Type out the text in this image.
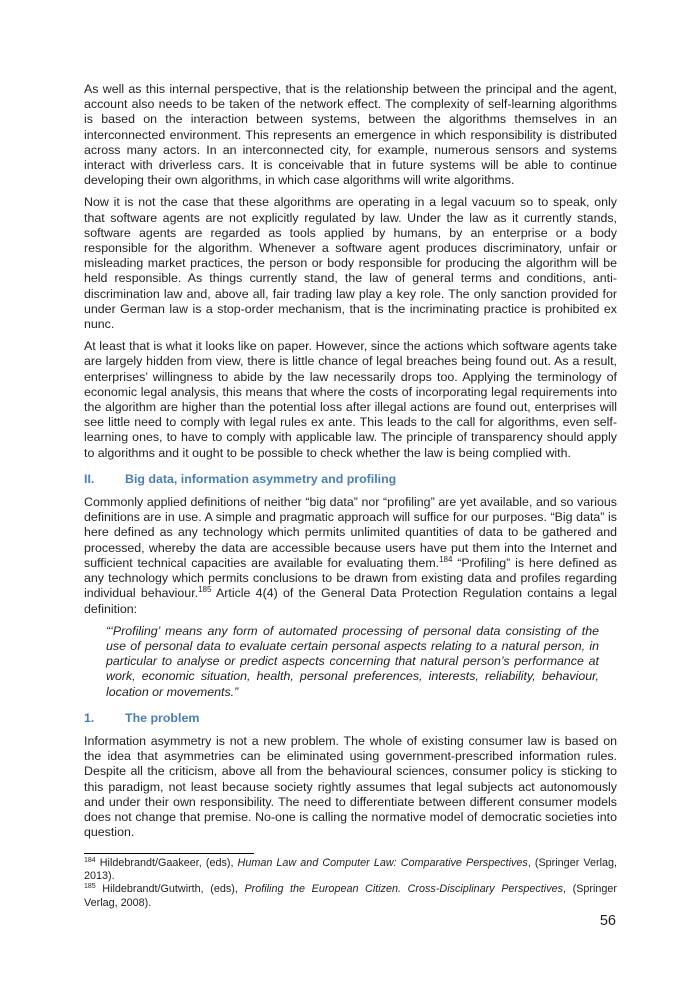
As well as this internal perspective, that is the relationship between the principal and the agent, account also needs to be taken of the network effect. The complexity of self-learning algorithms is based on the interaction between systems, between the algorithms themselves in an interconnected environment. This represents an emergence in which responsibility is distributed across many actors. In an interconnected city, for example, numerous sensors and systems interact with driverless cars. It is conceivable that in future systems will be able to continue developing their own algorithms, in which case algorithms will write algorithms.

Now it is not the case that these algorithms are operating in a legal vacuum so to speak, only that software agents are not explicitly regulated by law. Under the law as it currently stands, software agents are regarded as tools applied by humans, by an enterprise or a body responsible for the algorithm. Whenever a software agent produces discriminatory, unfair or misleading market practices, the person or body responsible for producing the algorithm will be held responsible. As things currently stand, the law of general terms and conditions, anti-discrimination law and, above all, fair trading law play a key role. The only sanction provided for under German law is a stop-order mechanism, that is the incriminating practice is prohibited ex nunc.

At least that is what it looks like on paper. However, since the actions which software agents take are largely hidden from view, there is little chance of legal breaches being found out. As a result, enterprises’ willingness to abide by the law necessarily drops too. Applying the terminology of economic legal analysis, this means that where the costs of incorporating legal requirements into the algorithm are higher than the potential loss after illegal actions are found out, enterprises will see little need to comply with legal rules ex ante. This leads to the call for algorithms, even self-learning ones, to have to comply with applicable law. The principle of transparency should apply to algorithms and it ought to be possible to check whether the law is being complied with.

II.	Big data, information asymmetry and profiling

Commonly applied definitions of neither “big data” nor “profiling” are yet available, and so various definitions are in use. A simple and pragmatic approach will suffice for our purposes. “Big data” is here defined as any technology which permits unlimited quantities of data to be gathered and processed, whereby the data are accessible because users have put them into the Internet and sufficient technical capacities are available for evaluating them.$^{184}$ “Profiling” is here defined as any technology which permits conclusions to be drawn from existing data and profiles regarding individual behaviour.$^{185}$ Article 4(4) of the General Data Protection Regulation contains a legal definition:

“‘Profiling’ means any form of automated processing of personal data consisting of the use of personal data to evaluate certain personal aspects relating to a natural person, in particular to analyse or predict aspects concerning that natural person’s performance at work, economic situation, health, personal preferences, interests, reliability, behaviour, location or movements.”

1.	The problem

Information asymmetry is not a new problem. The whole of existing consumer law is based on the idea that asymmetries can be eliminated using government-prescribed information rules. Despite all the criticism, above all from the behavioural sciences, consumer policy is sticking to this paradigm, not least because society rightly assumes that legal subjects act autonomously and under their own responsibility. The need to differentiate between different consumer models does not change that premise. No-one is calling the normative model of democratic societies into question.

$^{184}$ Hildebrandt/Gaakeer, (eds), Human Law and Computer Law: Comparative Perspectives, (Springer Verlag, 2013).

$^{185}$ Hildebrandt/Gutwirth, (eds), Profiling the European Citizen. Cross-Disciplinary Perspectives, (Springer Verlag, 2008).

56
